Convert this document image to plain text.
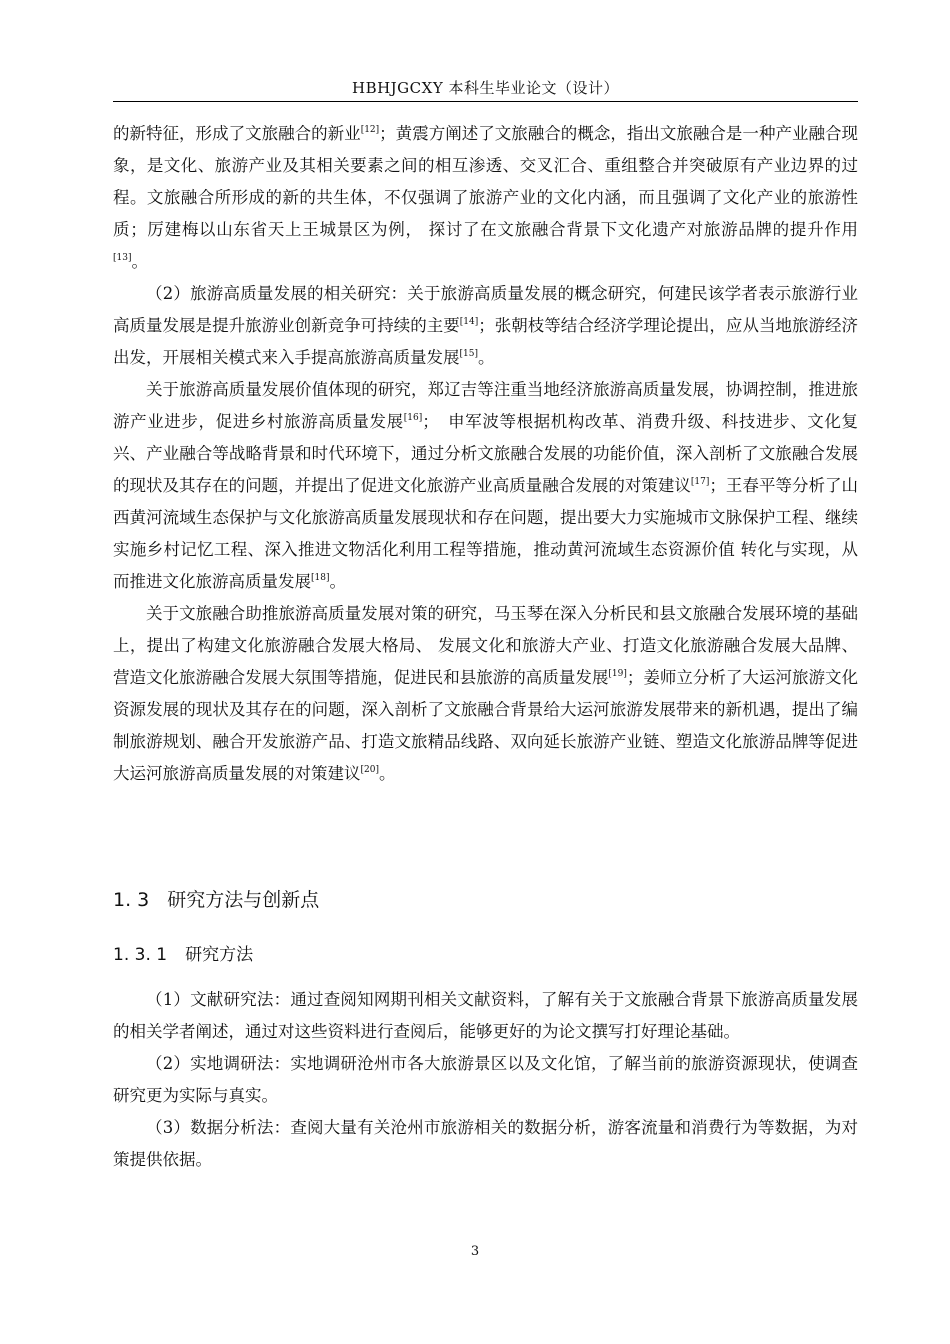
HBHJGCXY 本科生毕业论文（设计）

的新特征，形成了文旅融合的新业[12]；黄震方阐述了文旅融合的概念，指出文旅融合是一种产业融合现象，是文化、旅游产业及其相关要素之间的相互渗透、交叉汇合、重组整合并突破原有产业边界的过程。文旅融合所形成的新的共生体，不仅强调了旅游产业的文化内涵，而且强调了文化产业的旅游性质；厉建梅以山东省天上王城景区为例， 探讨了在文旅融合背景下文化遗产对旅游品牌的提升作用[13]。

（2）旅游高质量发展的相关研究：关于旅游高质量发展的概念研究，何建民该学者表示旅游行业高质量发展是提升旅游业创新竞争可持续的主要[14]；张朝枝等结合经济学理论提出，应从当地旅游经济出发，开展相关模式来入手提高旅游高质量发展[15]。

关于旅游高质量发展价值体现的研究，郑辽吉等注重当地经济旅游高质量发展，协调控制，推进旅游产业进步，促进乡村旅游高质量发展[16]；　申军波等根据机构改革、消费升级、科技进步、文化复兴、产业融合等战略背景和时代环境下，通过分析文旅融合发展的功能价值，深入剖析了文旅融合发展的现状及其存在的问题，并提出了促进文化旅游产业高质量融合发展的对策建议[17]；王春平等分析了山西黄河流域生态保护与文化旅游高质量发展现状和存在问题，提出要大力实施城市文脉保护工程、继续实施乡村记忆工程、深入推进文物活化利用工程等措施，推动黄河流域生态资源价值 转化与实现，从而推进文化旅游高质量发展[18]。

关于文旅融合助推旅游高质量发展对策的研究，马玉琴在深入分析民和县文旅融合发展环境的基础上，提出了构建文化旅游融合发展大格局、 发展文化和旅游大产业、打造文化旅游融合发展大品牌、营造文化旅游融合发展大氛围等措施，促进民和县旅游的高质量发展[19]；姜师立分析了大运河旅游文化资源发展的现状及其存在的问题，深入剖析了文旅融合背景给大运河旅游发展带来的新机遇，提出了编制旅游规划、融合开发旅游产品、打造文旅精品线路、双向延长旅游产业链、塑造文化旅游品牌等促进大运河旅游高质量发展的对策建议[20]。

1. 3 研究方法与创新点
1. 3. 1 研究方法

（1）文献研究法：通过查阅知网期刊相关文献资料，了解有关于文旅融合背景下旅游高质量发展的相关学者阐述，通过对这些资料进行查阅后，能够更好的为论文撰写打好理论基础。

（2）实地调研法：实地调研沧州市各大旅游景区以及文化馆，了解当前的旅游资源现状，使调查研究更为实际与真实。

（3）数据分析法：查阅大量有关沧州市旅游相关的数据分析，游客流量和消费行为等数据，为对策提供依据。

3
